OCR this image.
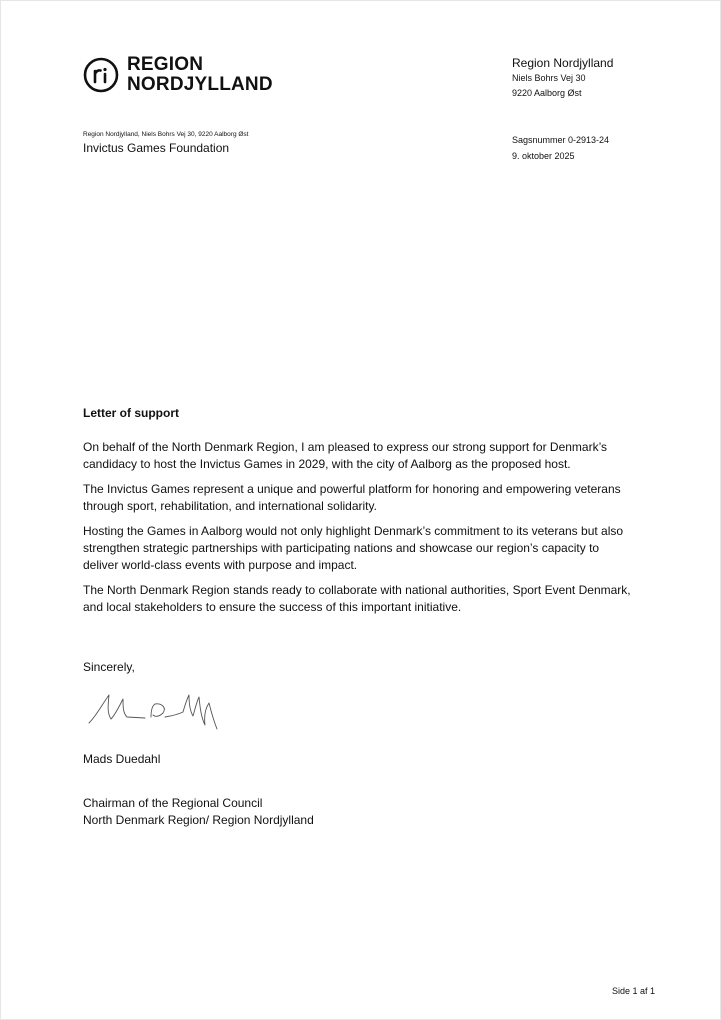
REGION
NORDJYLLAND
Region Nordjylland
Niels Bohrs Vej 30
9220 Aalborg Øst
Region Nordjylland, Niels Bohrs Vej 30, 9220 Aalborg Øst
Invictus Games Foundation
Sagsnummer 0-2913-24
9. oktober 2025
Letter of support

On behalf of the North Denmark Region, I am pleased to express our strong support for Denmark’s candidacy to host the Invictus Games in 2029, with the city of Aalborg as the proposed host.

The Invictus Games represent a unique and powerful platform for honoring and empowering veterans through sport, rehabilitation, and international solidarity.

Hosting the Games in Aalborg would not only highlight Denmark’s commitment to its veterans but also strengthen strategic partnerships with participating nations and showcase our region’s capacity to deliver world-class events with purpose and impact.

The North Denmark Region stands ready to collaborate with national authorities, Sport Event Denmark, and local stakeholders to ensure the success of this important initiative.

Sincerely,
Mads Duedahl
Chairman of the Regional Council
North Denmark Region/ Region Nordjylland
Side 1 af 1
